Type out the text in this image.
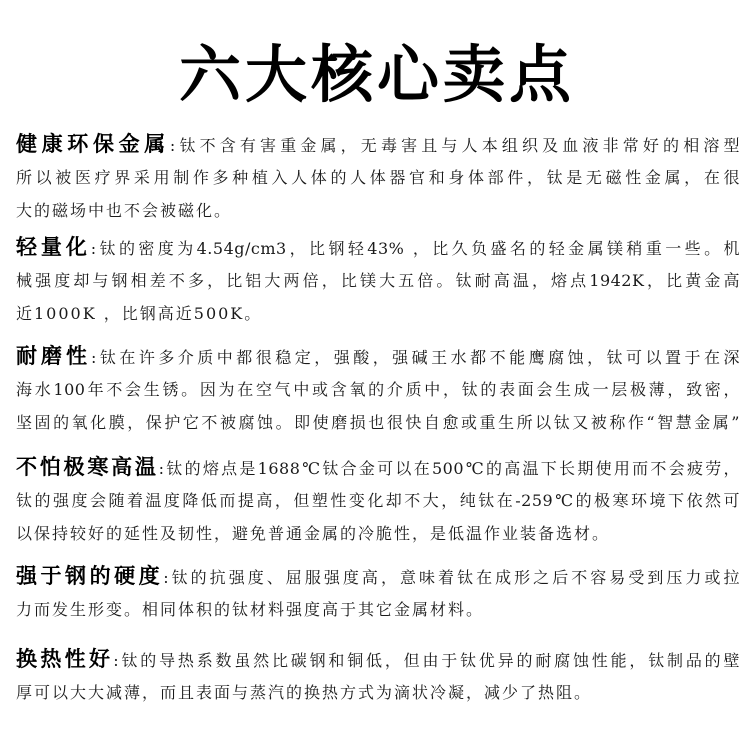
六大核心卖点
健康环保金属:钛不含有害重金属，无毒害且与人本组织及血液非常好的相溶型
所以被医疗界采用制作多种植入人体的人体器官和身体部件，钛是无磁性金属，在很
大的磁场中也不会被磁化。
轻量化:钛的密度为4.54g/cm3，比钢轻43% ，比久负盛名的轻金属镁稍重一些。机
械强度却与钢相差不多，比铝大两倍，比镁大五倍。钛耐高温，熔点1942K，比黄金高
近1000K ，比钢高近500K。
耐磨性:钛在许多介质中都很稳定，强酸，强碱王水都不能鹰腐蚀，钛可以置于在深
海水100年不会生锈。因为在空气中或含氧的介质中，钛的表面会生成一层极薄，致密，
坚固的氧化膜，保护它不被腐蚀。即使磨损也很快自愈或重生所以钛又被称作“智慧金属”
不怕极寒高温:钛的熔点是1688℃钛合金可以在500℃的高温下长期使用而不会疲劳，
钛的强度会随着温度降低而提高，但塑性变化却不大，纯钛在-259℃的极寒环境下依然可
以保持较好的延性及韧性，避免普通金属的冷脆性，是低温作业装备选材。
强于钢的硬度:钛的抗强度、屈服强度高，意味着钛在成形之后不容易受到压力或拉
力而发生形变。相同体积的钛材料强度高于其它金属材料。
换热性好:钛的导热系数虽然比碳钢和铜低，但由于钛优异的耐腐蚀性能，钛制品的壁
厚可以大大减薄，而且表面与蒸汽的换热方式为滴状冷凝，减少了热阻。
